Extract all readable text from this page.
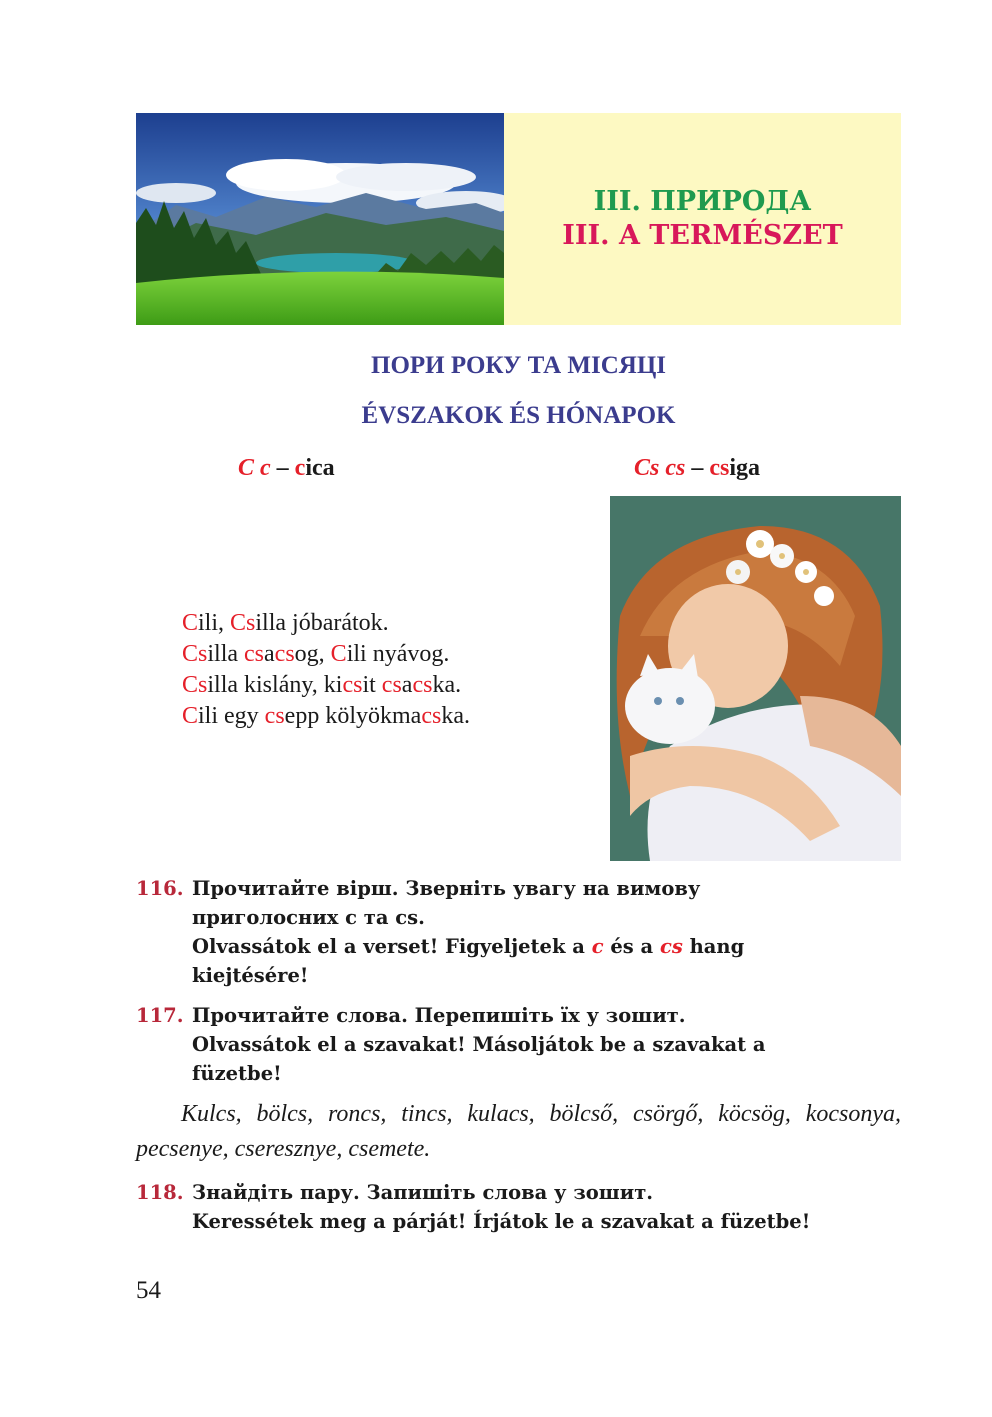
III. ПРИРОДА
III. A TERMÉSZET
ПОРИ РОКУ ТА МІСЯЦІ
ÉVSZAKOK ÉS HÓNAPOK
C c – cica	Cs cs – csiga
Cili, Csilla jóbarátok.
Csilla csacsog, Cili nyávog.
Csilla kislány, kicsit csacska.
Cili egy csepp kölyökmacska.
116. Прочитайте вірш. Зверніть увагу на вимову
приголосних с та cs.
Olvassátok el a verset! Figyeljetek a c és a cs hang
kiejtésére!
117. Прочитайте слова. Перепишіть їх у зошит.
Olvassátok el a szavakat! Másoljátok be a szavakat a
füzetbe!
Kulcs, bölcs, roncs, tincs, kulacs, bölcső, csörgő, köcsög, kocsonya, pecsenye, cseresznye, csemete.
118. Знайдіть пару. Запишіть слова у зошит.
Keressétek meg a párját! Írjátok le a szavakat a füzetbe!
54
